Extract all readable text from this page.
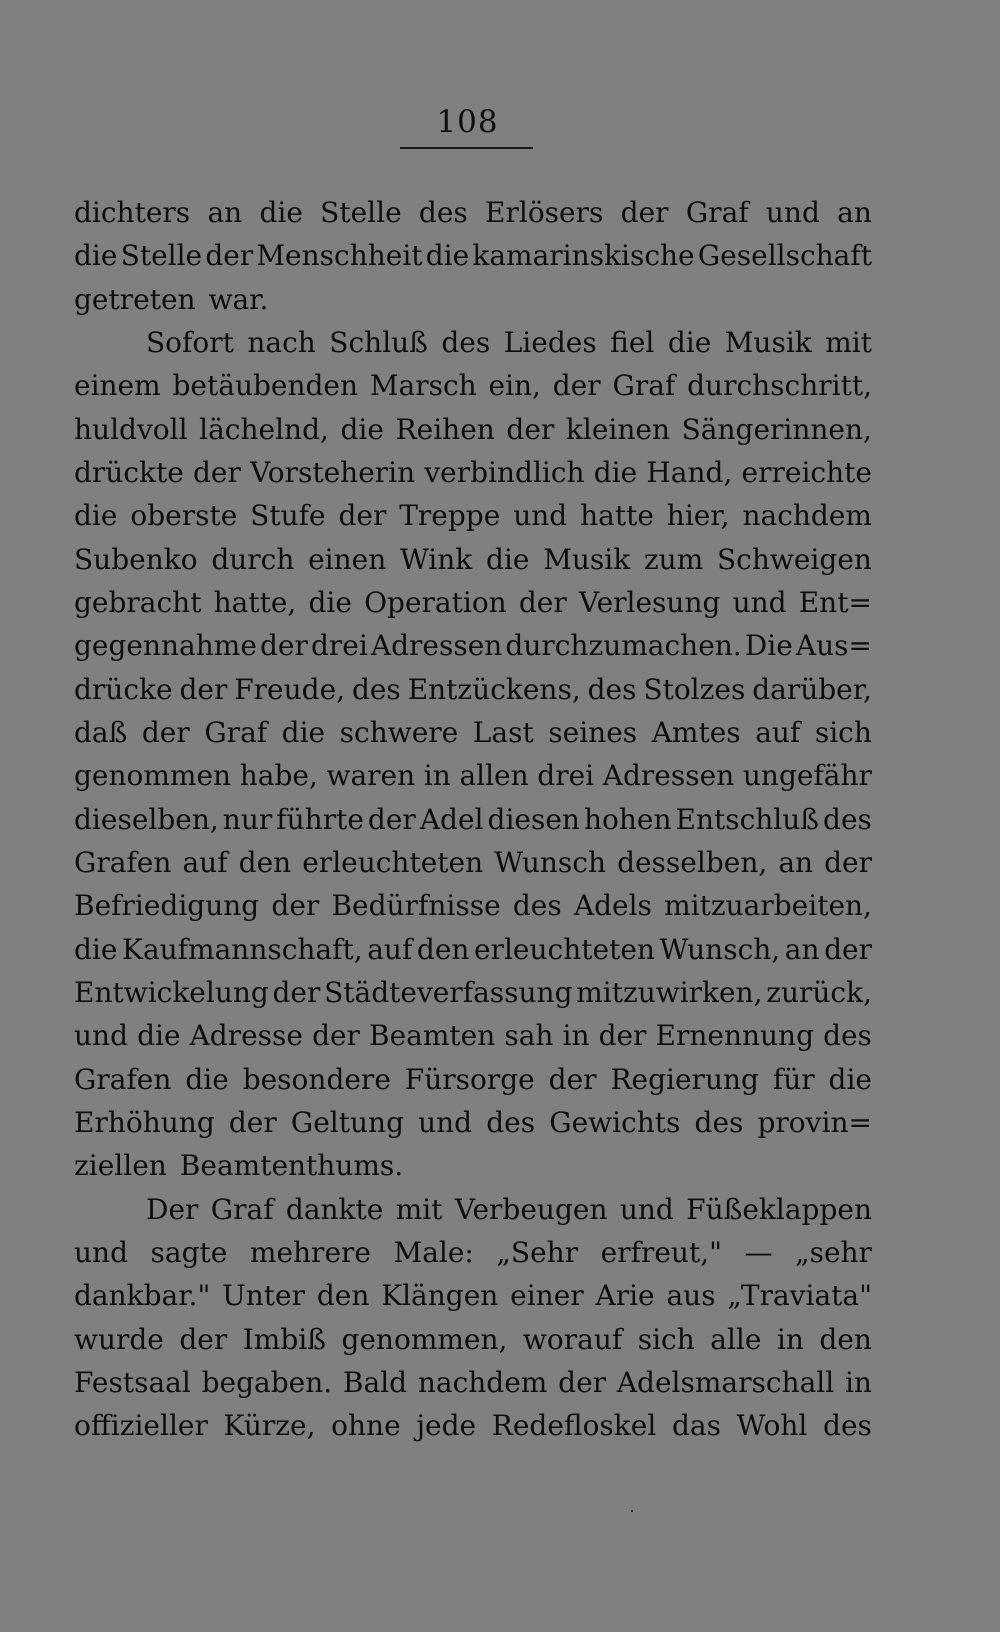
108
dichters an die Stelle des Erlösers der Graf und an
die Stelle der Menschheit die kamarinskische Gesellschaft
getreten war.
Sofort nach Schluß des Liedes fiel die Musik mit
einem betäubenden Marsch ein, der Graf durchschritt,
huldvoll lächelnd, die Reihen der kleinen Sängerinnen,
drückte der Vorsteherin verbindlich die Hand, erreichte
die oberste Stufe der Treppe und hatte hier, nachdem
Subenko durch einen Wink die Musik zum Schweigen
gebracht hatte, die Operation der Verlesung und Ent=
gegennahme der drei Adressen durchzumachen. Die Aus=
drücke der Freude, des Entzückens, des Stolzes darüber,
daß der Graf die schwere Last seines Amtes auf sich
genommen habe, waren in allen drei Adressen ungefähr
dieselben, nur führte der Adel diesen hohen Entschluß des
Grafen auf den erleuchteten Wunsch desselben, an der
Befriedigung der Bedürfnisse des Adels mitzuarbeiten,
die Kaufmannschaft, auf den erleuchteten Wunsch, an der
Entwickelung der Städteverfassung mitzuwirken, zurück,
und die Adresse der Beamten sah in der Ernennung des
Grafen die besondere Fürsorge der Regierung für die
Erhöhung der Geltung und des Gewichts des provin=
ziellen Beamtenthums.
Der Graf dankte mit Verbeugen und Füßeklappen
und sagte mehrere Male: „Sehr erfreut," — „sehr
dankbar." Unter den Klängen einer Arie aus „Traviata"
wurde der Imbiß genommen, worauf sich alle in den
Festsaal begaben. Bald nachdem der Adelsmarschall in
offizieller Kürze, ohne jede Redefloskel das Wohl des
